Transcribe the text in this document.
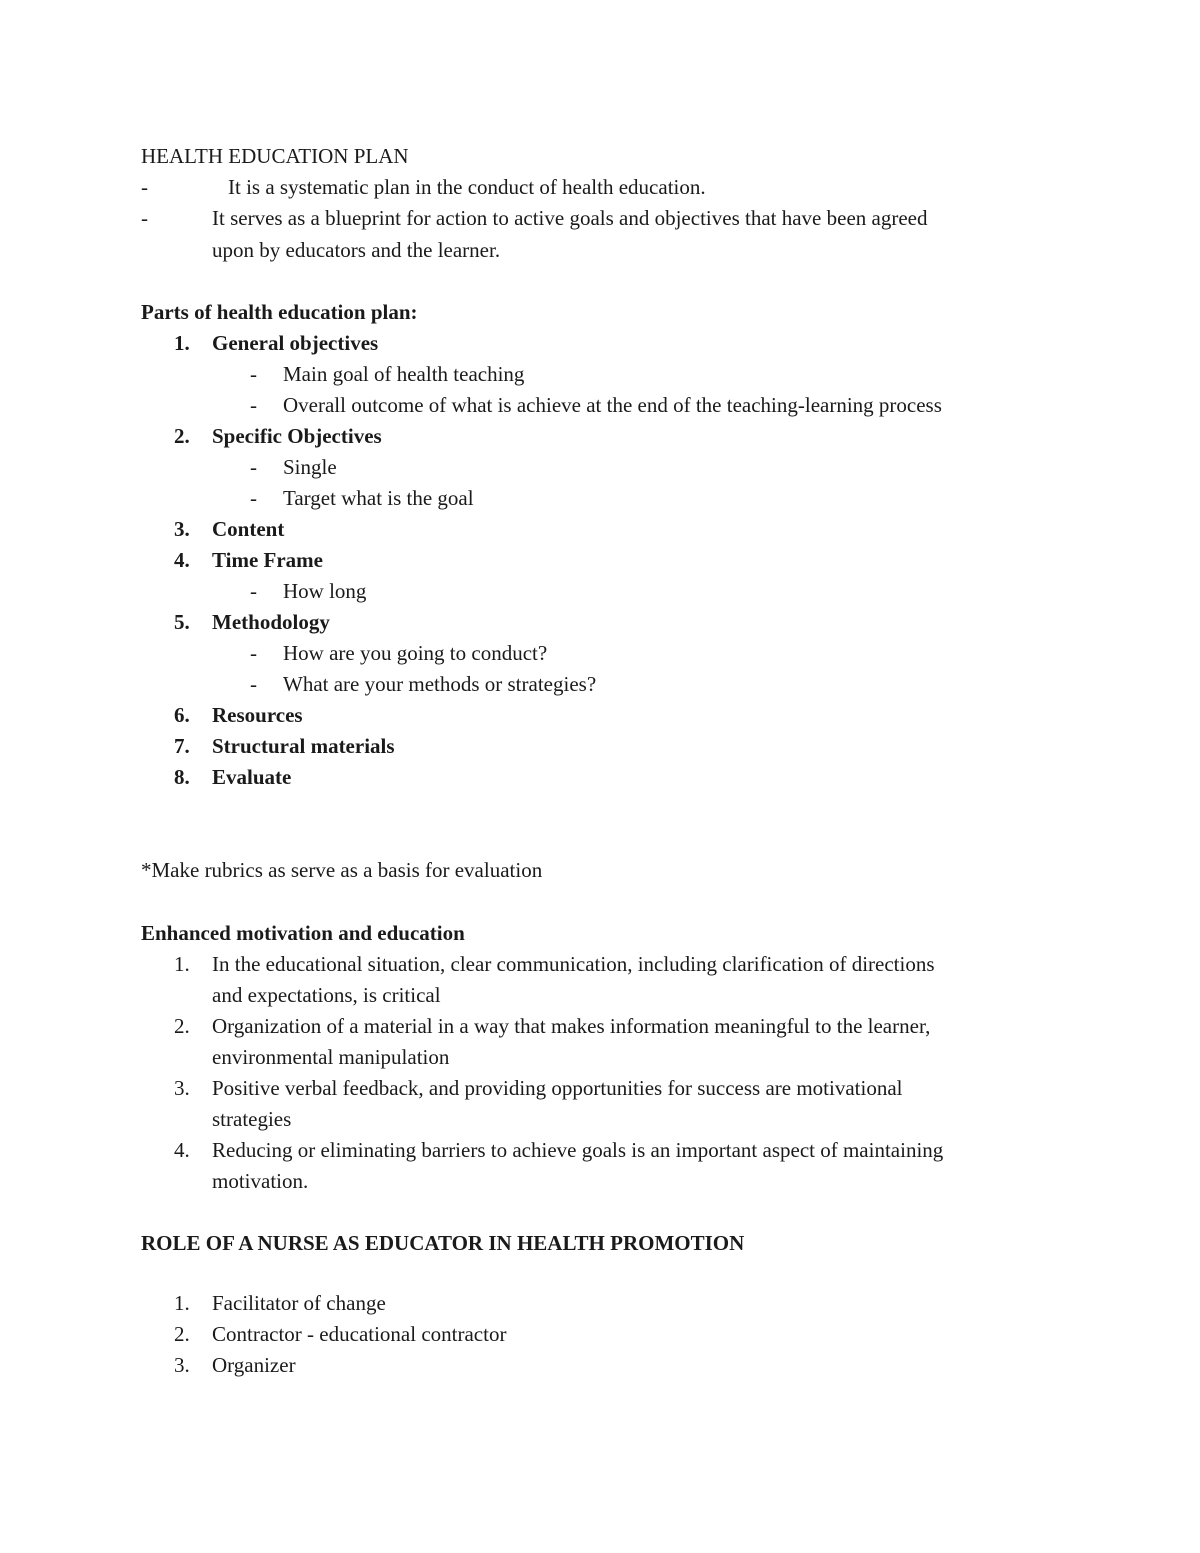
HEALTH EDUCATION PLAN
-	It is a systematic plan in the conduct of health education.
-	It serves as a blueprint for action to active goals and objectives that have been agreed
upon by educators and the learner.
Parts of health education plan:
1. General objectives
- Main goal of health teaching
- Overall outcome of what is achieve at the end of the teaching-learning process
2. Specific Objectives
- Single
- Target what is the goal
3. Content
4. Time Frame
- How long
5. Methodology
- How are you going to conduct?
- What are your methods or strategies?
6. Resources
7. Structural materials
8. Evaluate
*Make rubrics as serve as a basis for evaluation
Enhanced motivation and education
1. In the educational situation, clear communication, including clarification of directions
and expectations, is critical
2. Organization of a material in a way that makes information meaningful to the learner,
environmental manipulation
3. Positive verbal feedback, and providing opportunities for success are motivational
strategies
4. Reducing or eliminating barriers to achieve goals is an important aspect of maintaining
motivation.
ROLE OF A NURSE AS EDUCATOR IN HEALTH PROMOTION
1. Facilitator of change
2. Contractor - educational contractor
3. Organizer
